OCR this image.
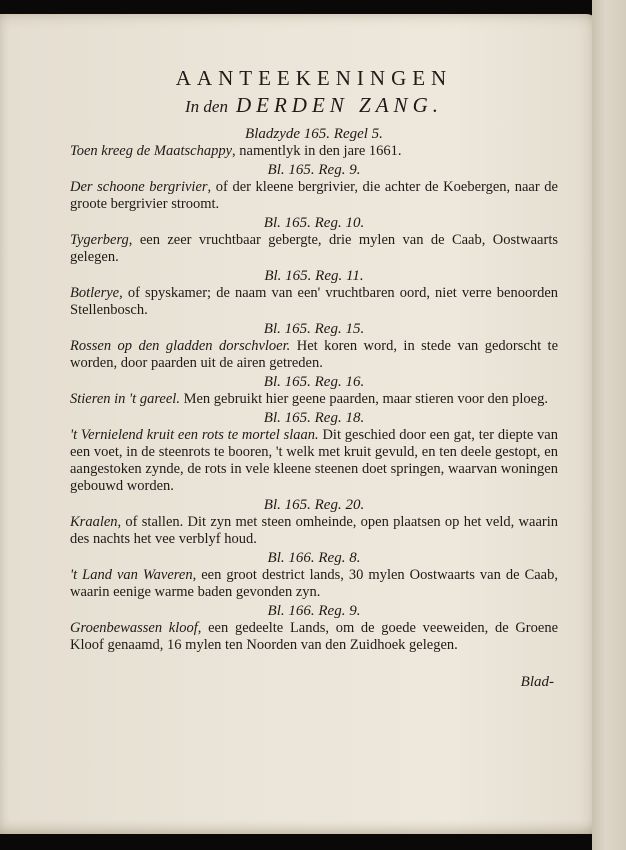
AANTEEKENINGEN
In den DERDEN ZANG.
Bladzyde 165. Regel 5.
Toen kreeg de Maatschappy, namentlyk in den jare 1661.
Bl. 165. Reg. 9.
Der schoone bergrivier, of der kleene bergrivier, die achter de Koebergen, naar de groote bergrivier stroomt.
Bl. 165. Reg. 10.
Tygerberg, een zeer vruchtbaar gebergte, drie mylen van de Caab, Oostwaarts gelegen.
Bl. 165. Reg. 11.
Botlerye, of spyskamer; de naam van een' vruchtbaren oord, niet verre benoorden Stellenbosch.
Bl. 165. Reg. 15.
Rossen op den gladden dorschvloer. Het koren word, in stede van gedorscht te worden, door paarden uit de airen getreden.
Bl. 165. Reg. 16.
Stieren in 't gareel. Men gebruikt hier geene paarden, maar stieren voor den ploeg.
Bl. 165. Reg. 18.
't Vernielend kruit een rots te mortel slaan. Dit geschied door een gat, ter diepte van een voet, in de steenrots te booren, 't welk met kruit gevuld, en ten deele gestopt, en aangestoken zynde, de rots in vele kleene steenen doet springen, waarvan woningen gebouwd worden.
Bl. 165. Reg. 20.
Kraalen, of stallen. Dit zyn met steen omheinde, open plaatsen op het veld, waarin des nachts het vee verblyf houd.
Bl. 166. Reg. 8.
't Land van Waveren, een groot destrict lands, 30 mylen Oostwaarts van de Caab, waarin eenige warme baden gevonden zyn.
Bl. 166. Reg. 9.
Groenbewassen kloof, een gedeelte Lands, om de goede veeweiden, de Groene Kloof genaamd, 16 mylen ten Noorden van den Zuidhoek gelegen.
Blad-
